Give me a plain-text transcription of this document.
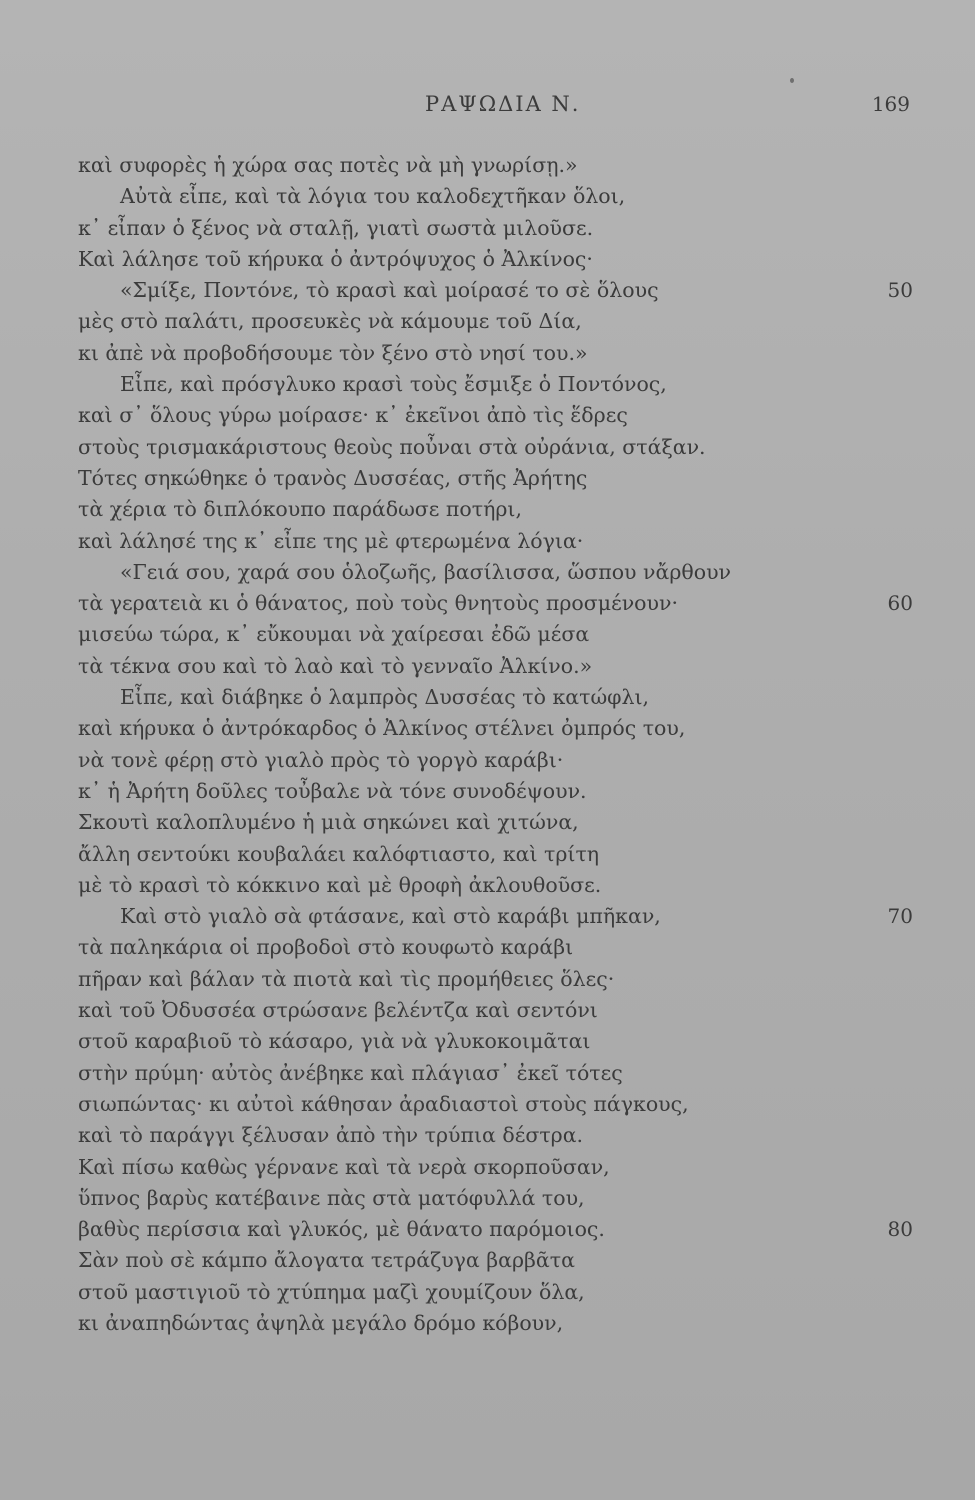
ΡΑΨΩΔΙΑ Ν.	169
καὶ συφορὲς ἡ χώρα σας ποτὲς νὰ μὴ γνωρίσῃ.»
Αὐτὰ εἶπε, καὶ τὰ λόγια του καλοδεχτῆκαν ὅλοι,
κ᾽ εἶπαν ὁ ξένος νὰ σταλῇ, γιατὶ σωστὰ μιλοῦσε.
Καὶ λάλησε τοῦ κήρυκα ὁ ἀντρόψυχος ὁ Ἀλκίνος·
«Σμίξε, Ποντόνε, τὸ κρασὶ καὶ μοίρασέ το σὲ ὅλους	50
μὲς στὸ παλάτι, προσευκὲς νὰ κάμουμε τοῦ Δία,
κι ἀπὲ νὰ προβοδήσουμε τὸν ξένο στὸ νησί του.»
Εἶπε, καὶ πρόσγλυκο κρασὶ τοὺς ἔσμιξε ὁ Ποντόνος,
καὶ σ᾽ ὅλους γύρω μοίρασε· κ᾽ ἐκεῖνοι ἀπὸ τὶς ἕδρες
στοὺς τρισμακάριστους θεοὺς ποὖναι στὰ οὐράνια, στάξαν.
Τότες σηκώθηκε ὁ τρανὸς Δυσσέας, στῆς Ἀρήτης
τὰ χέρια τὸ διπλόκουπο παράδωσε ποτήρι,
καὶ λάλησέ της κ᾽ εἶπε της μὲ φτερωμένα λόγια·
«Γειά σου, χαρά σου ὁλοζωῆς, βασίλισσα, ὥσπου νἄρθουν
τὰ γερατειὰ κι ὁ θάνατος, ποὺ τοὺς θνητοὺς προσμένουν·	60
μισεύω τώρα, κ᾽ εὔκουμαι νὰ χαίρεσαι ἐδῶ μέσα
τὰ τέκνα σου καὶ τὸ λαὸ καὶ τὸ γενναῖο Ἀλκίνο.»
Εἶπε, καὶ διάβηκε ὁ λαμπρὸς Δυσσέας τὸ κατώφλι,
καὶ κήρυκα ὁ ἀντρόκαρδος ὁ Ἀλκίνος στέλνει ὀμπρός του,
νὰ τονὲ φέρῃ στὸ γιαλὸ πρὸς τὸ γοργὸ καράβι·
κ᾽ ἡ Ἀρήτη δοῦλες τοὖβαλε νὰ τόνε συνοδέψουν.
Σκουτὶ καλοπλυμένο ἡ μιὰ σηκώνει καὶ χιτώνα,
ἄλλη σεντούκι κουβαλάει καλόφτιαστο, καὶ τρίτη
μὲ τὸ κρασὶ τὸ κόκκινο καὶ μὲ θροφὴ ἀκλουθοῦσε.
Καὶ στὸ γιαλὸ σὰ φτάσανε, καὶ στὸ καράβι μπῆκαν,	70
τὰ παληκάρια οἱ προβοδοὶ στὸ κουφωτὸ καράβι
πῆραν καὶ βάλαν τὰ πιοτὰ καὶ τὶς προμήθειες ὅλες·
καὶ τοῦ Ὀδυσσέα στρώσανε βελέντζα καὶ σεντόνι
στοῦ καραβιοῦ τὸ κάσαρο, γιὰ νὰ γλυκοκοιμᾶται
στὴν πρύμη· αὐτὸς ἀνέβηκε καὶ πλάγιασ᾽ ἐκεῖ τότες
σιωπώντας· κι αὐτοὶ κάθησαν ἀραδιαστοὶ στοὺς πάγκους,
καὶ τὸ παράγγι ξέλυσαν ἀπὸ τὴν τρύπια δέστρα.
Καὶ πίσω καθὼς γέρνανε καὶ τὰ νερὰ σκορποῦσαν,
ὕπνος βαρὺς κατέβαινε πὰς στὰ ματόφυλλά του,
βαθὺς περίσσια καὶ γλυκός, μὲ θάνατο παρόμοιος.	80
Σὰν ποὺ σὲ κάμπο ἄλογατα τετράζυγα βαρβᾶτα
στοῦ μαστιγιοῦ τὸ χτύπημα μαζὶ χουμίζουν ὅλα,
κι ἀναπηδώντας ἀψηλὰ μεγάλο δρόμο κόβουν,
